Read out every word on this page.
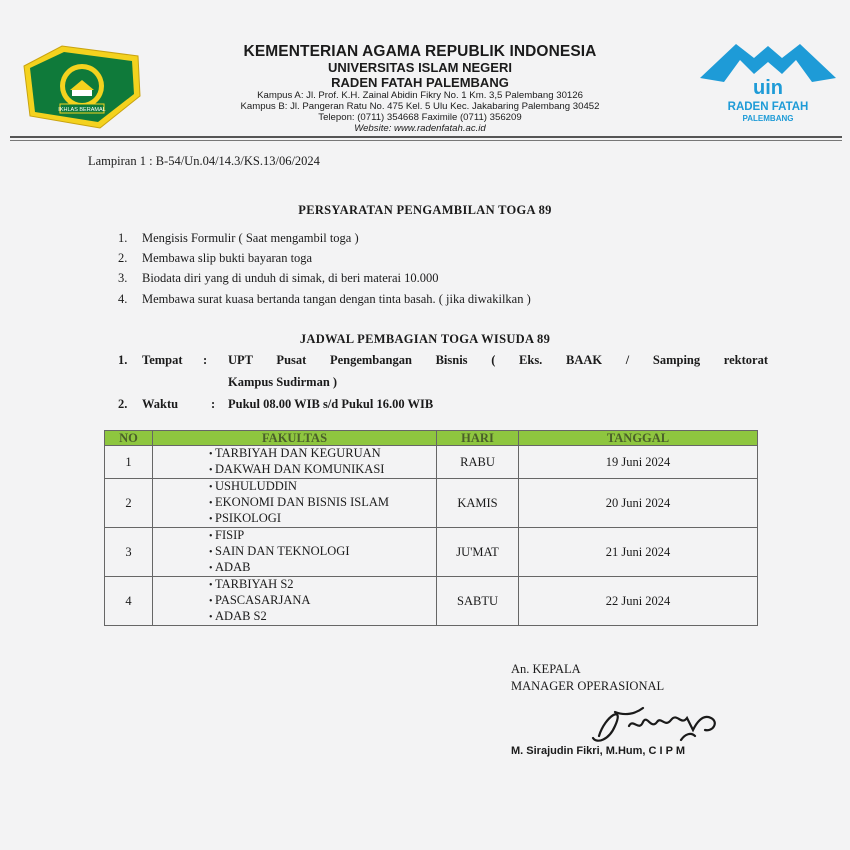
IKHLAS BERAMAL
KEMENTERIAN AGAMA REPUBLIK INDONESIA
UNIVERSITAS ISLAM NEGERI
RADEN FATAH PALEMBANG
Kampus A: Jl. Prof. K.H. Zainal Abidin Fikry No. 1 Km. 3,5 Palembang 30126
Kampus B: Jl. Pangeran Ratu No. 475 Kel. 5 Ulu Kec. Jakabaring Palembang 30452
Telepon: (0711) 354668 Faximile (0711) 356209
Website: www.radenfatah.ac.id
uin
RADEN FATAH
PALEMBANG
Lampiran 1 : B-54/Un.04/14.3/KS.13/06/2024
PERSYARATAN PENGAMBILAN TOGA 89
1. Mengisis Formulir ( Saat mengambil toga )
2. Membawa slip bukti bayaran toga
3. Biodata diri yang di unduh di simak, di beri materai 10.000
4. Membawa surat kuasa bertanda tangan dengan tinta basah. ( jika diwakilkan )
JADWAL PEMBAGIAN TOGA WISUDA 89
1. Tempat : UPT Pusat Pengembangan Bisnis ( Eks. BAAK / Samping rektorat
Kampus Sudirman )
2. Waktu	: Pukul 08.00 WIB s/d Pukul 16.00 WIB
NO	FAKULTAS	HARI	TANGGAL
1	• TARBIYAH DAN KEGURUAN
• DAKWAH DAN KOMUNIKASI	RABU	19 Juni 2024
2	• USHULUDDIN
• EKONOMI DAN BISNIS ISLAM
• PSIKOLOGI	KAMIS	20 Juni 2024
3	• FISIP
• SAIN DAN TEKNOLOGI
• ADAB	JU'MAT	21 Juni 2024
4	• TARBIYAH S2
• PASCASARJANA
• ADAB S2	SABTU	22 Juni 2024
An. KEPALA
MANAGER OPERASIONAL
M. Sirajudin Fikri, M.Hum, C I P M
